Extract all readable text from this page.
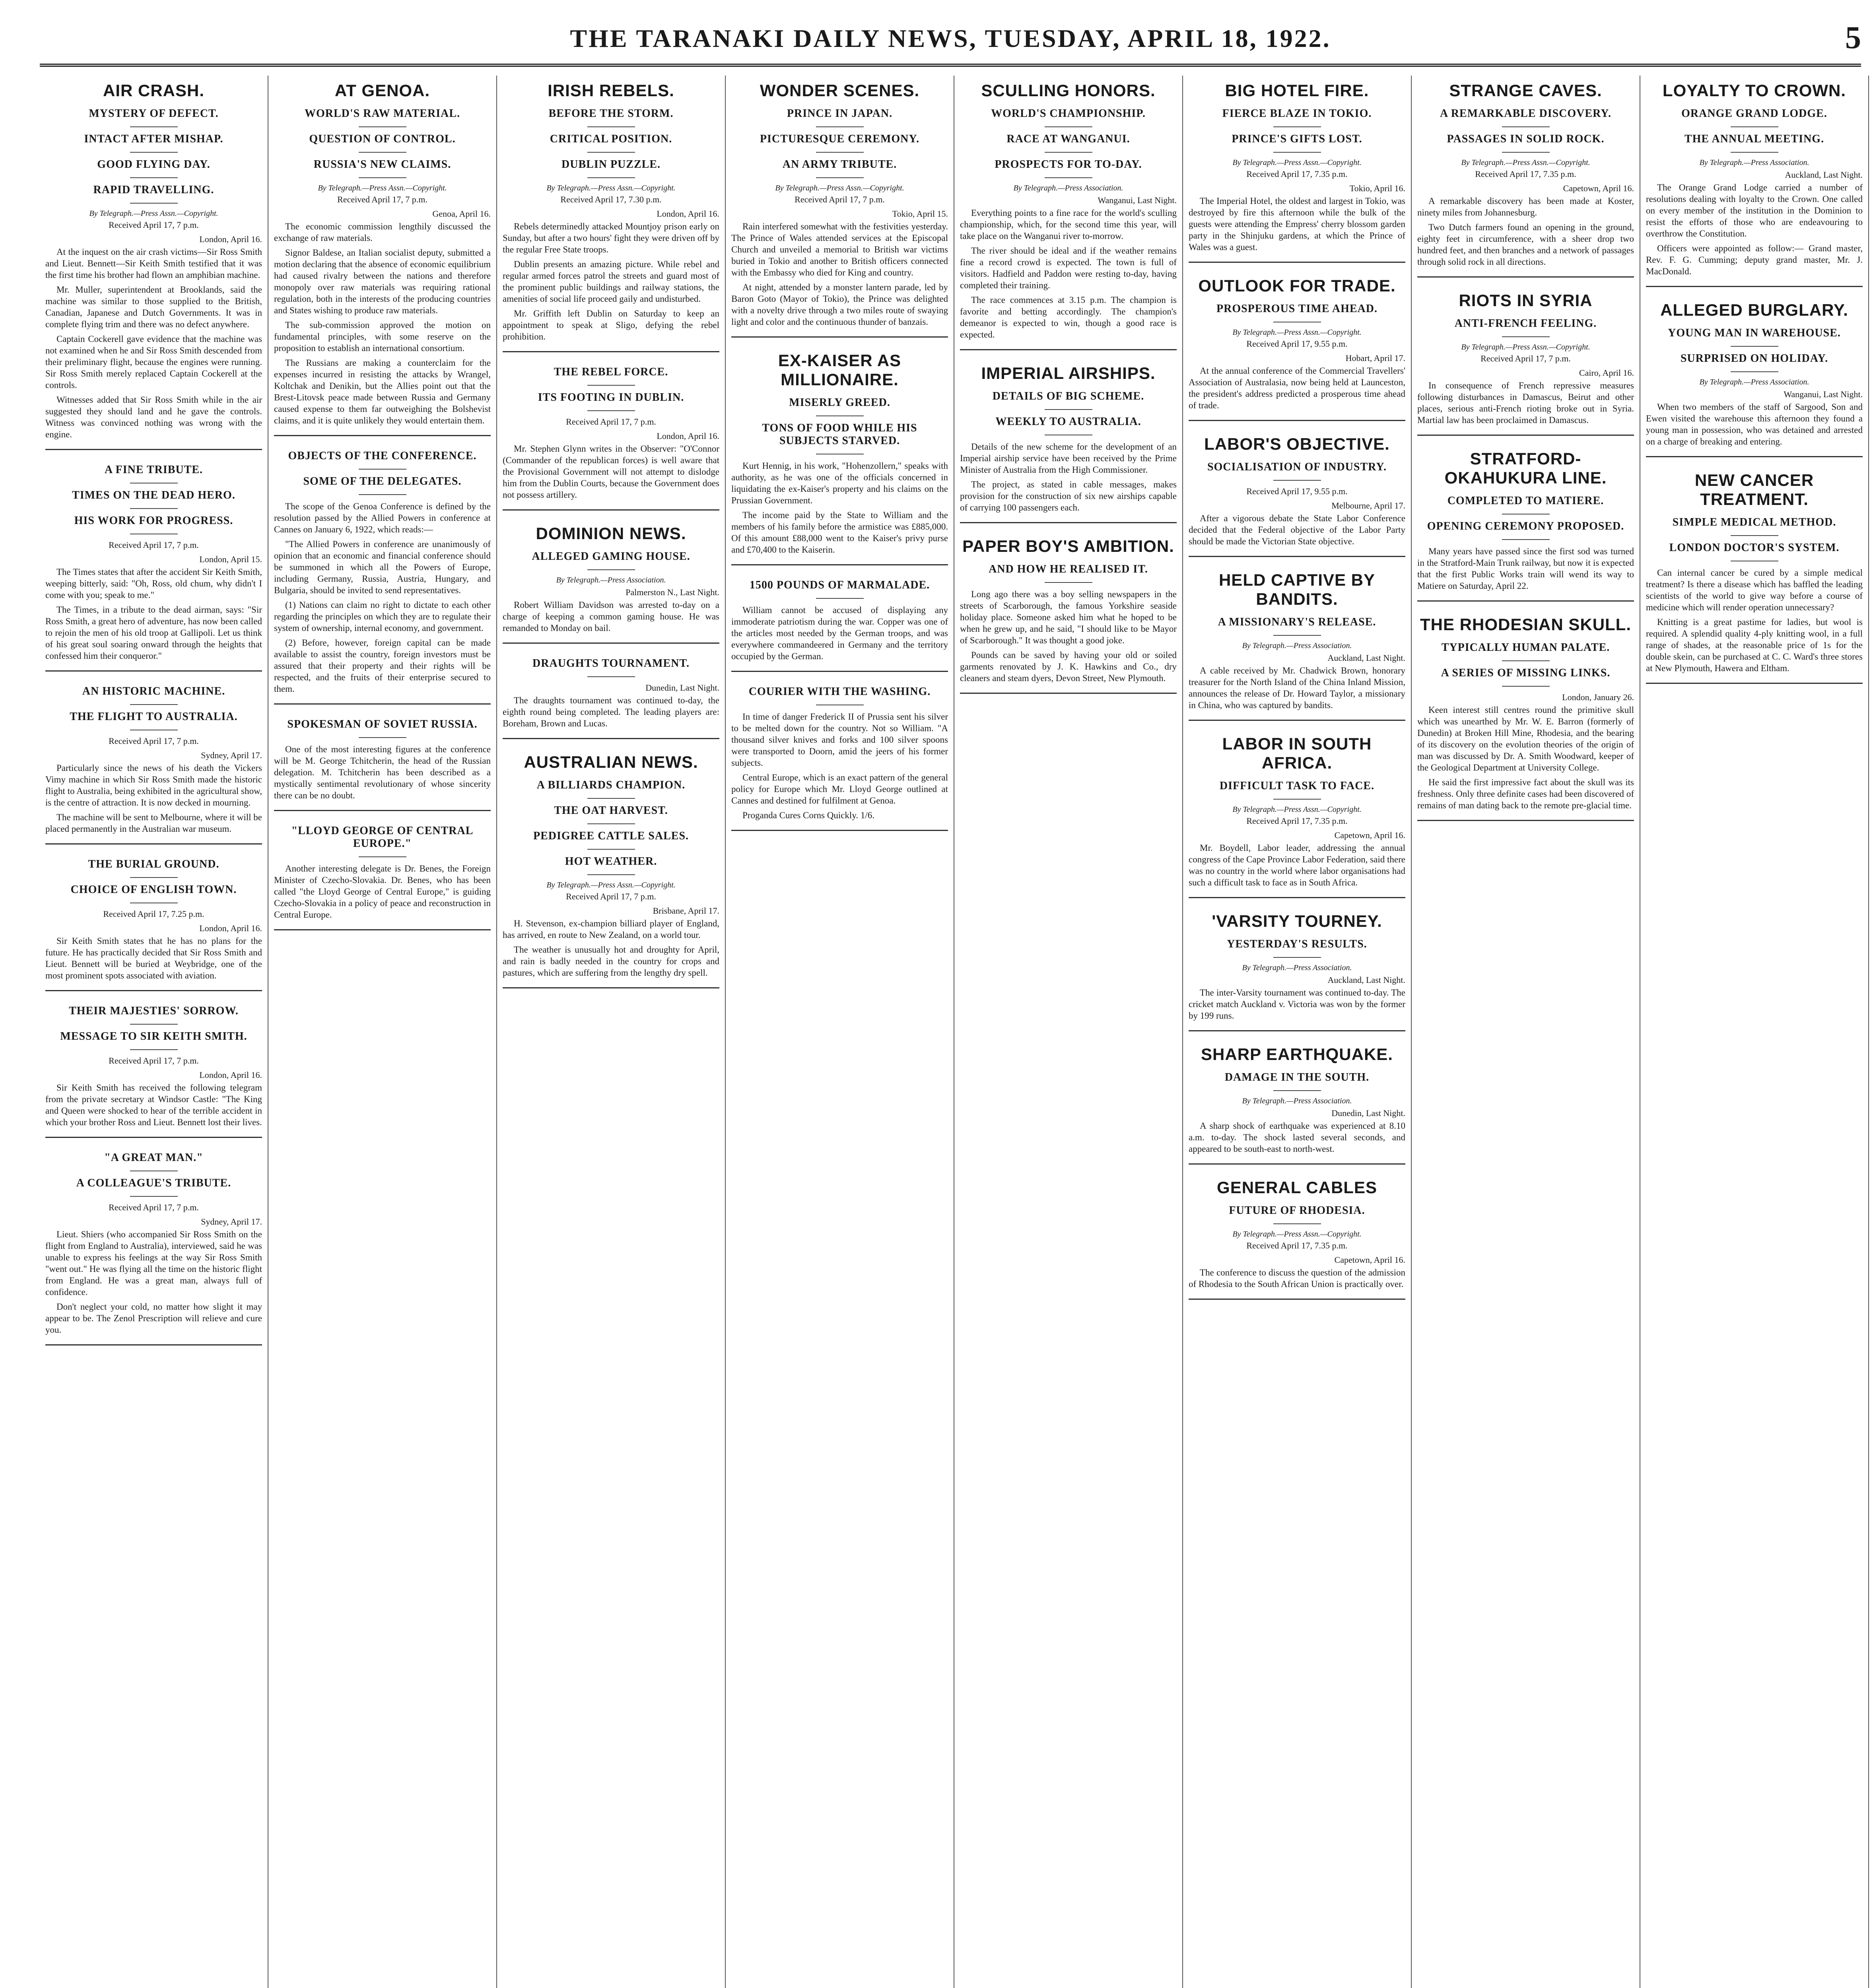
THE TARANAKI DAILY NEWS, TUESDAY, APRIL 18, 1922.	5
AIR CRASH.
MYSTERY OF DEFECT.
INTACT AFTER MISHAP.
GOOD FLYING DAY.
RAPID TRAVELLING.
By Telegraph.—Press Assn.—Copyright.
Received April 17, 7 p.m.
London, April 16.

At the inquest on the air crash victims—Sir Ross Smith and Lieut. Bennett—Sir Keith Smith testified that it was the first time his brother had flown an amphibian machine.

Mr. Muller, superintendent at Brooklands, said the machine was similar to those supplied to the British, Canadian, Japanese and Dutch Governments. It was in complete flying trim and there was no defect anywhere.

Captain Cockerell gave evidence that the machine was not examined when he and Sir Ross Smith descended from their preliminary flight, because the engines were running. Sir Ross Smith merely replaced Captain Cockerell at the controls.

Witnesses added that Sir Ross Smith while in the air suggested they should land and he gave the controls. Witness was convinced nothing was wrong with the engine.

A FINE TRIBUTE.
TIMES ON THE DEAD HERO.
HIS WORK FOR PROGRESS.
Received April 17, 7 p.m.
London, April 15.

The Times states that after the accident Sir Keith Smith, weeping bitterly, said: "Oh, Ross, old chum, why didn't I come with you; speak to me."

The Times, in a tribute to the dead airman, says: "Sir Ross Smith, a great hero of adventure, has now been called to rejoin the men of his old troop at Gallipoli. Let us think of his great soul soaring onward through the heights that confessed him their conqueror."

AN HISTORIC MACHINE.
THE FLIGHT TO AUSTRALIA.
Received April 17, 7 p.m.
Sydney, April 17.

Particularly since the news of his death the Vickers Vimy machine in which Sir Ross Smith made the historic flight to Australia, being exhibited in the agricultural show, is the centre of attraction. It is now decked in mourning.

The machine will be sent to Melbourne, where it will be placed permanently in the Australian war museum.

THE BURIAL GROUND.
CHOICE OF ENGLISH TOWN.
Received April 17, 7.25 p.m.
London, April 16.

Sir Keith Smith states that he has no plans for the future. He has practically decided that Sir Ross Smith and Lieut. Bennett will be buried at Weybridge, one of the most prominent spots associated with aviation.

THEIR MAJESTIES' SORROW.
MESSAGE TO SIR KEITH SMITH.
Received April 17, 7 p.m.
London, April 16.

Sir Keith Smith has received the following telegram from the private secretary at Windsor Castle: "The King and Queen were shocked to hear of the terrible accident in which your brother Ross and Lieut. Bennett lost their lives.

"A GREAT MAN."
A COLLEAGUE'S TRIBUTE.
Received April 17, 7 p.m.
Sydney, April 17.

Lieut. Shiers (who accompanied Sir Ross Smith on the flight from England to Australia), interviewed, said he was unable to express his feelings at the way Sir Ross Smith "went out." He was flying all the time on the historic flight from England. He was a great man, always full of confidence.

Don't neglect your cold, no matter how slight it may appear to be. The Zenol Prescription will relieve and cure you.

AT GENOA.
WORLD'S RAW MATERIAL.
QUESTION OF CONTROL.
RUSSIA'S NEW CLAIMS.
By Telegraph.—Press Assn.—Copyright.
Received April 17, 7 p.m.
Genoa, April 16.

The economic commission lengthily discussed the exchange of raw materials.

Signor Baldese, an Italian socialist deputy, submitted a motion declaring that the absence of economic equilibrium had caused rivalry between the nations and therefore monopoly over raw materials was requiring rational regulation, both in the interests of the producing countries and States wishing to produce raw materials.

The sub-commission approved the motion on fundamental principles, with some reserve on the proposition to establish an international consortium.

The Russians are making a counterclaim for the expenses incurred in resisting the attacks by Wrangel, Koltchak and Denikin, but the Allies point out that the Brest-Litovsk peace made between Russia and Germany caused expense to them far outweighing the Bolshevist claims, and it is quite unlikely they would entertain them.

OBJECTS OF THE CONFERENCE.
SOME OF THE DELEGATES.

The scope of the Genoa Conference is defined by the resolution passed by the Allied Powers in conference at Cannes on January 6, 1922, which reads:—

"The Allied Powers in conference are unanimously of opinion that an economic and financial conference should be summoned in which all the Powers of Europe, including Germany, Russia, Austria, Hungary, and Bulgaria, should be invited to send representatives.

(1) Nations can claim no right to dictate to each other regarding the principles on which they are to regulate their system of ownership, internal economy, and government.

(2) Before, however, foreign capital can be made available to assist the country, foreign investors must be assured that their property and their rights will be respected, and the fruits of their enterprise secured to them.

SPOKESMAN OF SOVIET RUSSIA.

One of the most interesting figures at the conference will be M. George Tchitcherin, the head of the Russian delegation. M. Tchitcherin has been described as a mystically sentimental revolutionary of whose sincerity there can be no doubt.

"LLOYD GEORGE OF CENTRAL EUROPE."

Another interesting delegate is Dr. Benes, the Foreign Minister of Czecho-Slovakia. Dr. Benes, who has been called "the Lloyd George of Central Europe," is guiding Czecho-Slovakia in a policy of peace and reconstruction in Central Europe.

IRISH REBELS.
BEFORE THE STORM.
CRITICAL POSITION.
DUBLIN PUZZLE.
By Telegraph.—Press Assn.—Copyright.
Received April 17, 7.30 p.m.
London, April 16.

Rebels determinedly attacked Mountjoy prison early on Sunday, but after a two hours' fight they were driven off by the regular Free State troops.

Dublin presents an amazing picture. While rebel and regular armed forces patrol the streets and guard most of the prominent public buildings and railway stations, the amenities of social life proceed gaily and undisturbed.

Mr. Griffith left Dublin on Saturday to keep an appointment to speak at Sligo, defying the rebel prohibition.

THE REBEL FORCE.
ITS FOOTING IN DUBLIN.
Received April 17, 7 p.m.
London, April 16.

Mr. Stephen Glynn writes in the Observer: "O'Connor (Commander of the republican forces) is well aware that the Provisional Government will not attempt to dislodge him from the Dublin Courts, because the Government does not possess artillery.

DOMINION NEWS.
ALLEGED GAMING HOUSE.
By Telegraph.—Press Association.
Palmerston N., Last Night.

Robert William Davidson was arrested to-day on a charge of keeping a common gaming house. He was remanded to Monday on bail.

DRAUGHTS TOURNAMENT.
Dunedin, Last Night.

The draughts tournament was continued to-day, the eighth round being completed. The leading players are: Boreham, Brown and Lucas.

AUSTRALIAN NEWS.
A BILLIARDS CHAMPION.
THE OAT HARVEST.
PEDIGREE CATTLE SALES.
HOT WEATHER.
By Telegraph.—Press Assn.—Copyright.
Received April 17, 7 p.m.
Brisbane, April 17.

H. Stevenson, ex-champion billiard player of England, has arrived, en route to New Zealand, on a world tour.

The weather is unusually hot and droughty for April, and rain is badly needed in the country for crops and pastures, which are suffering from the lengthy dry spell.

WONDER SCENES.
PRINCE IN JAPAN.
PICTURESQUE CEREMONY.
AN ARMY TRIBUTE.
By Telegraph.—Press Assn.—Copyright.
Received April 17, 7 p.m.
Tokio, April 15.

Rain interfered somewhat with the festivities yesterday. The Prince of Wales attended services at the Episcopal Church and unveiled a memorial to British war victims buried in Tokio and another to British officers connected with the Embassy who died for King and country.

At night, attended by a monster lantern parade, led by Baron Goto (Mayor of Tokio), the Prince was delighted with a novelty drive through a two miles route of swaying light and color and the continuous thunder of banzais.

EX-KAISER AS MILLIONAIRE.
MISERLY GREED.
TONS OF FOOD WHILE HIS SUBJECTS STARVED.

Kurt Hennig, in his work, "Hohenzollern," speaks with authority, as he was one of the officials concerned in liquidating the ex-Kaiser's property and his claims on the Prussian Government.

The income paid by the State to William and the members of his family before the armistice was £885,000. Of this amount £88,000 went to the Kaiser's privy purse and £70,400 to the Kaiserin.

1500 POUNDS OF MARMALADE.

William cannot be accused of displaying any immoderate patriotism during the war. Copper was one of the articles most needed by the German troops, and was everywhere commandeered in Germany and the territory occupied by the German.

COURIER WITH THE WASHING.

In time of danger Frederick II of Prussia sent his silver to be melted down for the country. Not so William. "A thousand silver knives and forks and 100 silver spoons were transported to Doorn, amid the jeers of his former subjects.

Central Europe, which is an exact pattern of the general policy for Europe which Mr. Lloyd George outlined at Cannes and destined for fulfilment at Genoa.

Proganda Cures Corns Quickly. 1/6.

SCULLING HONORS.
WORLD'S CHAMPIONSHIP.
RACE AT WANGANUI.
PROSPECTS FOR TO-DAY.
By Telegraph.—Press Association.
Wanganui, Last Night.

Everything points to a fine race for the world's sculling championship, which, for the second time this year, will take place on the Wanganui river to-morrow.

The river should be ideal and if the weather remains fine a record crowd is expected. The town is full of visitors. Hadfield and Paddon were resting to-day, having completed their training.

The race commences at 3.15 p.m. The champion is favorite and betting accordingly. The champion's demeanor is expected to win, though a good race is expected.

IMPERIAL AIRSHIPS.
DETAILS OF BIG SCHEME.
WEEKLY TO AUSTRALIA.

Details of the new scheme for the development of an Imperial airship service have been received by the Prime Minister of Australia from the High Commissioner.

The project, as stated in cable messages, makes provision for the construction of six new airships capable of carrying 100 passengers each.

PAPER BOY'S AMBITION.
AND HOW HE REALISED IT.

Long ago there was a boy selling newspapers in the streets of Scarborough, the famous Yorkshire seaside holiday place. Someone asked him what he hoped to be when he grew up, and he said, "I should like to be Mayor of Scarborough." It was thought a good joke.

Pounds can be saved by having your old or soiled garments renovated by J. K. Hawkins and Co., dry cleaners and steam dyers, Devon Street, New Plymouth.

BIG HOTEL FIRE.
FIERCE BLAZE IN TOKIO.
PRINCE'S GIFTS LOST.
By Telegraph.—Press Assn.—Copyright.
Received April 17, 7.35 p.m.
Tokio, April 16.

The Imperial Hotel, the oldest and largest in Tokio, was destroyed by fire this afternoon while the bulk of the guests were attending the Empress' cherry blossom garden party in the Shinjuku gardens, at which the Prince of Wales was a guest.

OUTLOOK FOR TRADE.
PROSPEROUS TIME AHEAD.
By Telegraph.—Press Assn.—Copyright.
Received April 17, 9.55 p.m.
Hobart, April 17.

At the annual conference of the Commercial Travellers' Association of Australasia, now being held at Launceston, the president's address predicted a prosperous time ahead of trade.

LABOR'S OBJECTIVE.
SOCIALISATION OF INDUSTRY.
Received April 17, 9.55 p.m.
Melbourne, April 17.

After a vigorous debate the State Labor Conference decided that the Federal objective of the Labor Party should be made the Victorian State objective.

HELD CAPTIVE BY BANDITS.
A MISSIONARY'S RELEASE.
By Telegraph.—Press Association.
Auckland, Last Night.

A cable received by Mr. Chadwick Brown, honorary treasurer for the North Island of the China Inland Mission, announces the release of Dr. Howard Taylor, a missionary in China, who was captured by bandits.

LABOR IN SOUTH AFRICA.
DIFFICULT TASK TO FACE.
By Telegraph.—Press Assn.—Copyright.
Received April 17, 7.35 p.m.
Capetown, April 16.

Mr. Boydell, Labor leader, addressing the annual congress of the Cape Province Labor Federation, said there was no country in the world where labor organisations had such a difficult task to face as in South Africa.

'VARSITY TOURNEY.
YESTERDAY'S RESULTS.
By Telegraph.—Press Association.
Auckland, Last Night.

The inter-Varsity tournament was continued to-day. The cricket match Auckland v. Victoria was won by the former by 199 runs.

SHARP EARTHQUAKE.
DAMAGE IN THE SOUTH.
By Telegraph.—Press Association.
Dunedin, Last Night.

A sharp shock of earthquake was experienced at 8.10 a.m. to-day. The shock lasted several seconds, and appeared to be south-east to north-west.

GENERAL CABLES
FUTURE OF RHODESIA.
By Telegraph.—Press Assn.—Copyright.
Received April 17, 7.35 p.m.
Capetown, April 16.

The conference to discuss the question of the admission of Rhodesia to the South African Union is practically over.

STRANGE CAVES.
A REMARKABLE DISCOVERY.
PASSAGES IN SOLID ROCK.
By Telegraph.—Press Assn.—Copyright.
Received April 17, 7.35 p.m.
Capetown, April 16.

A remarkable discovery has been made at Koster, ninety miles from Johannesburg.

Two Dutch farmers found an opening in the ground, eighty feet in circumference, with a sheer drop two hundred feet, and then branches and a network of passages through solid rock in all directions.

RIOTS IN SYRIA
ANTI-FRENCH FEELING.
By Telegraph.—Press Assn.—Copyright.
Received April 17, 7 p.m.
Cairo, April 16.

In consequence of French repressive measures following disturbances in Damascus, Beirut and other places, serious anti-French rioting broke out in Syria. Martial law has been proclaimed in Damascus.

STRATFORD-OKAHUKURA LINE.
COMPLETED TO MATIERE.
OPENING CEREMONY PROPOSED.

Many years have passed since the first sod was turned in the Stratford-Main Trunk railway, but now it is expected that the first Public Works train will wend its way to Matiere on Saturday, April 22.

THE RHODESIAN SKULL.
TYPICALLY HUMAN PALATE.
A SERIES OF MISSING LINKS.
London, January 26.

Keen interest still centres round the primitive skull which was unearthed by Mr. W. E. Barron (formerly of Dunedin) at Broken Hill Mine, Rhodesia, and the bearing of its discovery on the evolution theories of the origin of man was discussed by Dr. A. Smith Woodward, keeper of the Geological Department at University College.

He said the first impressive fact about the skull was its freshness. Only three definite cases had been discovered of remains of man dating back to the remote pre-glacial time.

LOYALTY TO CROWN.
ORANGE GRAND LODGE.
THE ANNUAL MEETING.
By Telegraph.—Press Association.
Auckland, Last Night.

The Orange Grand Lodge carried a number of resolutions dealing with loyalty to the Crown. One called on every member of the institution in the Dominion to resist the efforts of those who are endeavouring to overthrow the Constitution.

Officers were appointed as follow:— Grand master, Rev. F. G. Cumming; deputy grand master, Mr. J. MacDonald.

ALLEGED BURGLARY.
YOUNG MAN IN WAREHOUSE.
SURPRISED ON HOLIDAY.
By Telegraph.—Press Association.
Wanganui, Last Night.

When two members of the staff of Sargood, Son and Ewen visited the warehouse this afternoon they found a young man in possession, who was detained and arrested on a charge of breaking and entering.

NEW CANCER TREATMENT.
SIMPLE MEDICAL METHOD.
LONDON DOCTOR'S SYSTEM.

Can internal cancer be cured by a simple medical treatment? Is there a disease which has baffled the leading scientists of the world to give way before a course of medicine which will render operation unnecessary?

Knitting is a great pastime for ladies, but wool is required. A splendid quality 4-ply knitting wool, in a full range of shades, at the reasonable price of 1s for the double skein, can be purchased at C. C. Ward's three stores at New Plymouth, Hawera and Eltham.
